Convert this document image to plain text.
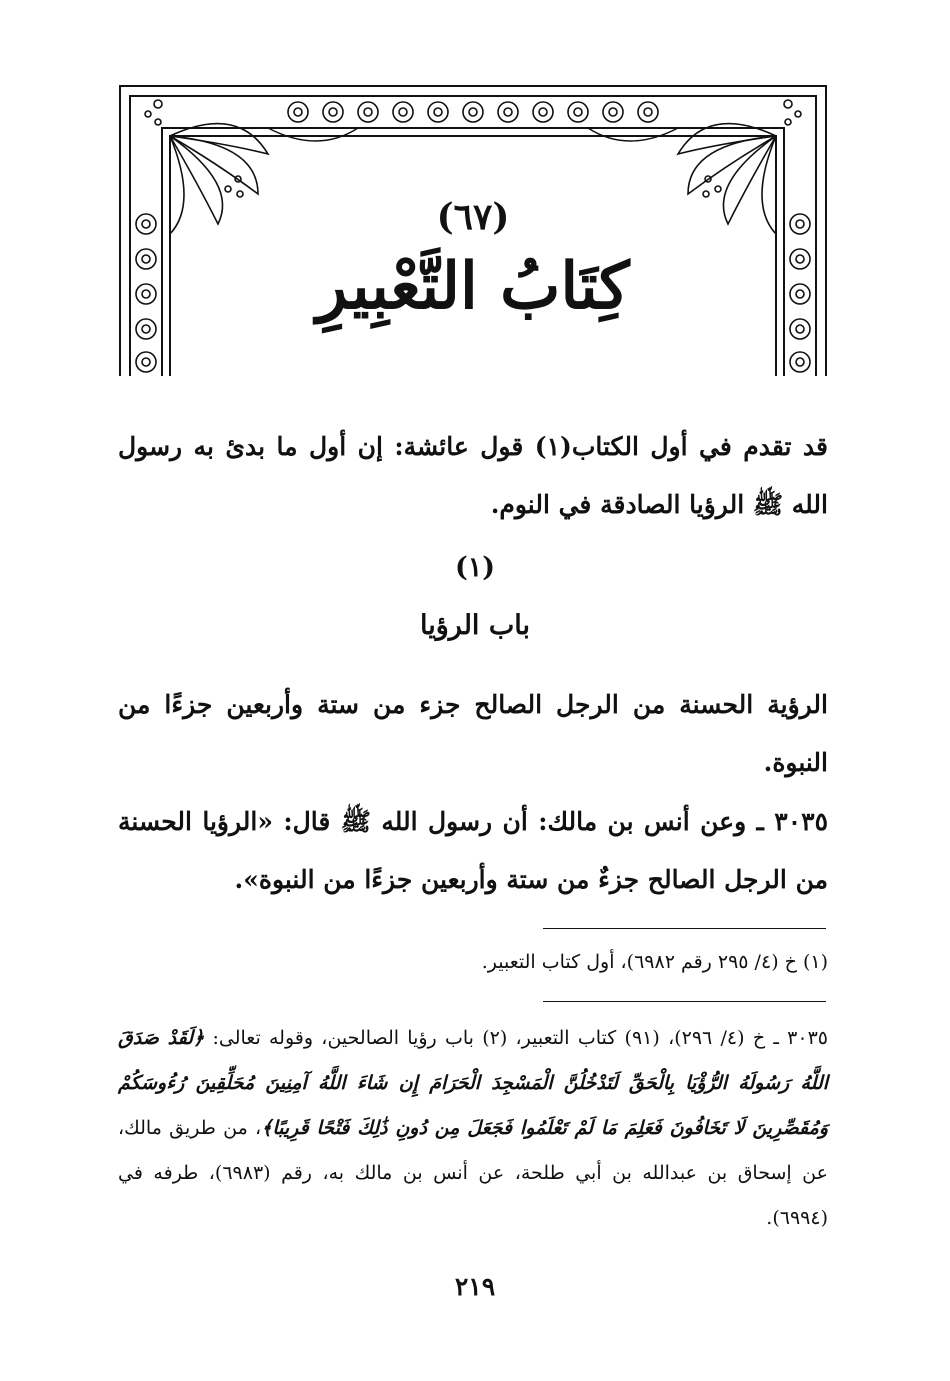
(٦٧)
كِتَابُ التَّعْبِيرِ
قد تقدم في أول الكتاب(١) قول عائشة: إن أول ما بدئ به رسول الله ﷺ الرؤيا الصادقة في النوم.
(١)
باب الرؤيا
الرؤية الحسنة من الرجل الصالح جزء من ستة وأربعين جزءًا من النبوة.
٣٠٣٥ ـ وعن أنس بن مالك: أن رسول الله ﷺ قال: «الرؤيا الحسنة من الرجل الصالح جزءٌ من ستة وأربعين جزءًا من النبوة».
(١) خ (٤/ ٢٩٥ رقم ٦٩٨٢)، أول كتاب التعبير.
٣٠٣٥ ـ خ (٤/ ٢٩٦)، (٩١) كتاب التعبير، (٢) باب رؤيا الصالحين، وقوله تعالى: ﴿لَقَدْ صَدَقَ اللَّهُ رَسُولَهُ الرُّؤْيَا بِالْحَقِّ لَتَدْخُلُنَّ الْمَسْجِدَ الْحَرَامَ إِن شَاءَ اللَّهُ آمِنِينَ مُحَلِّقِينَ رُءُوسَكُمْ وَمُقَصِّرِينَ لَا تَخَافُونَ فَعَلِمَ مَا لَمْ تَعْلَمُوا فَجَعَلَ مِن دُونِ ذَٰلِكَ فَتْحًا قَرِيبًا﴾، من طريق مالك، عن إسحاق بن عبدالله بن أبي طلحة، عن أنس بن مالك به، رقم (٦٩٨٣)، طرفه في (٦٩٩٤).
٢١٩
